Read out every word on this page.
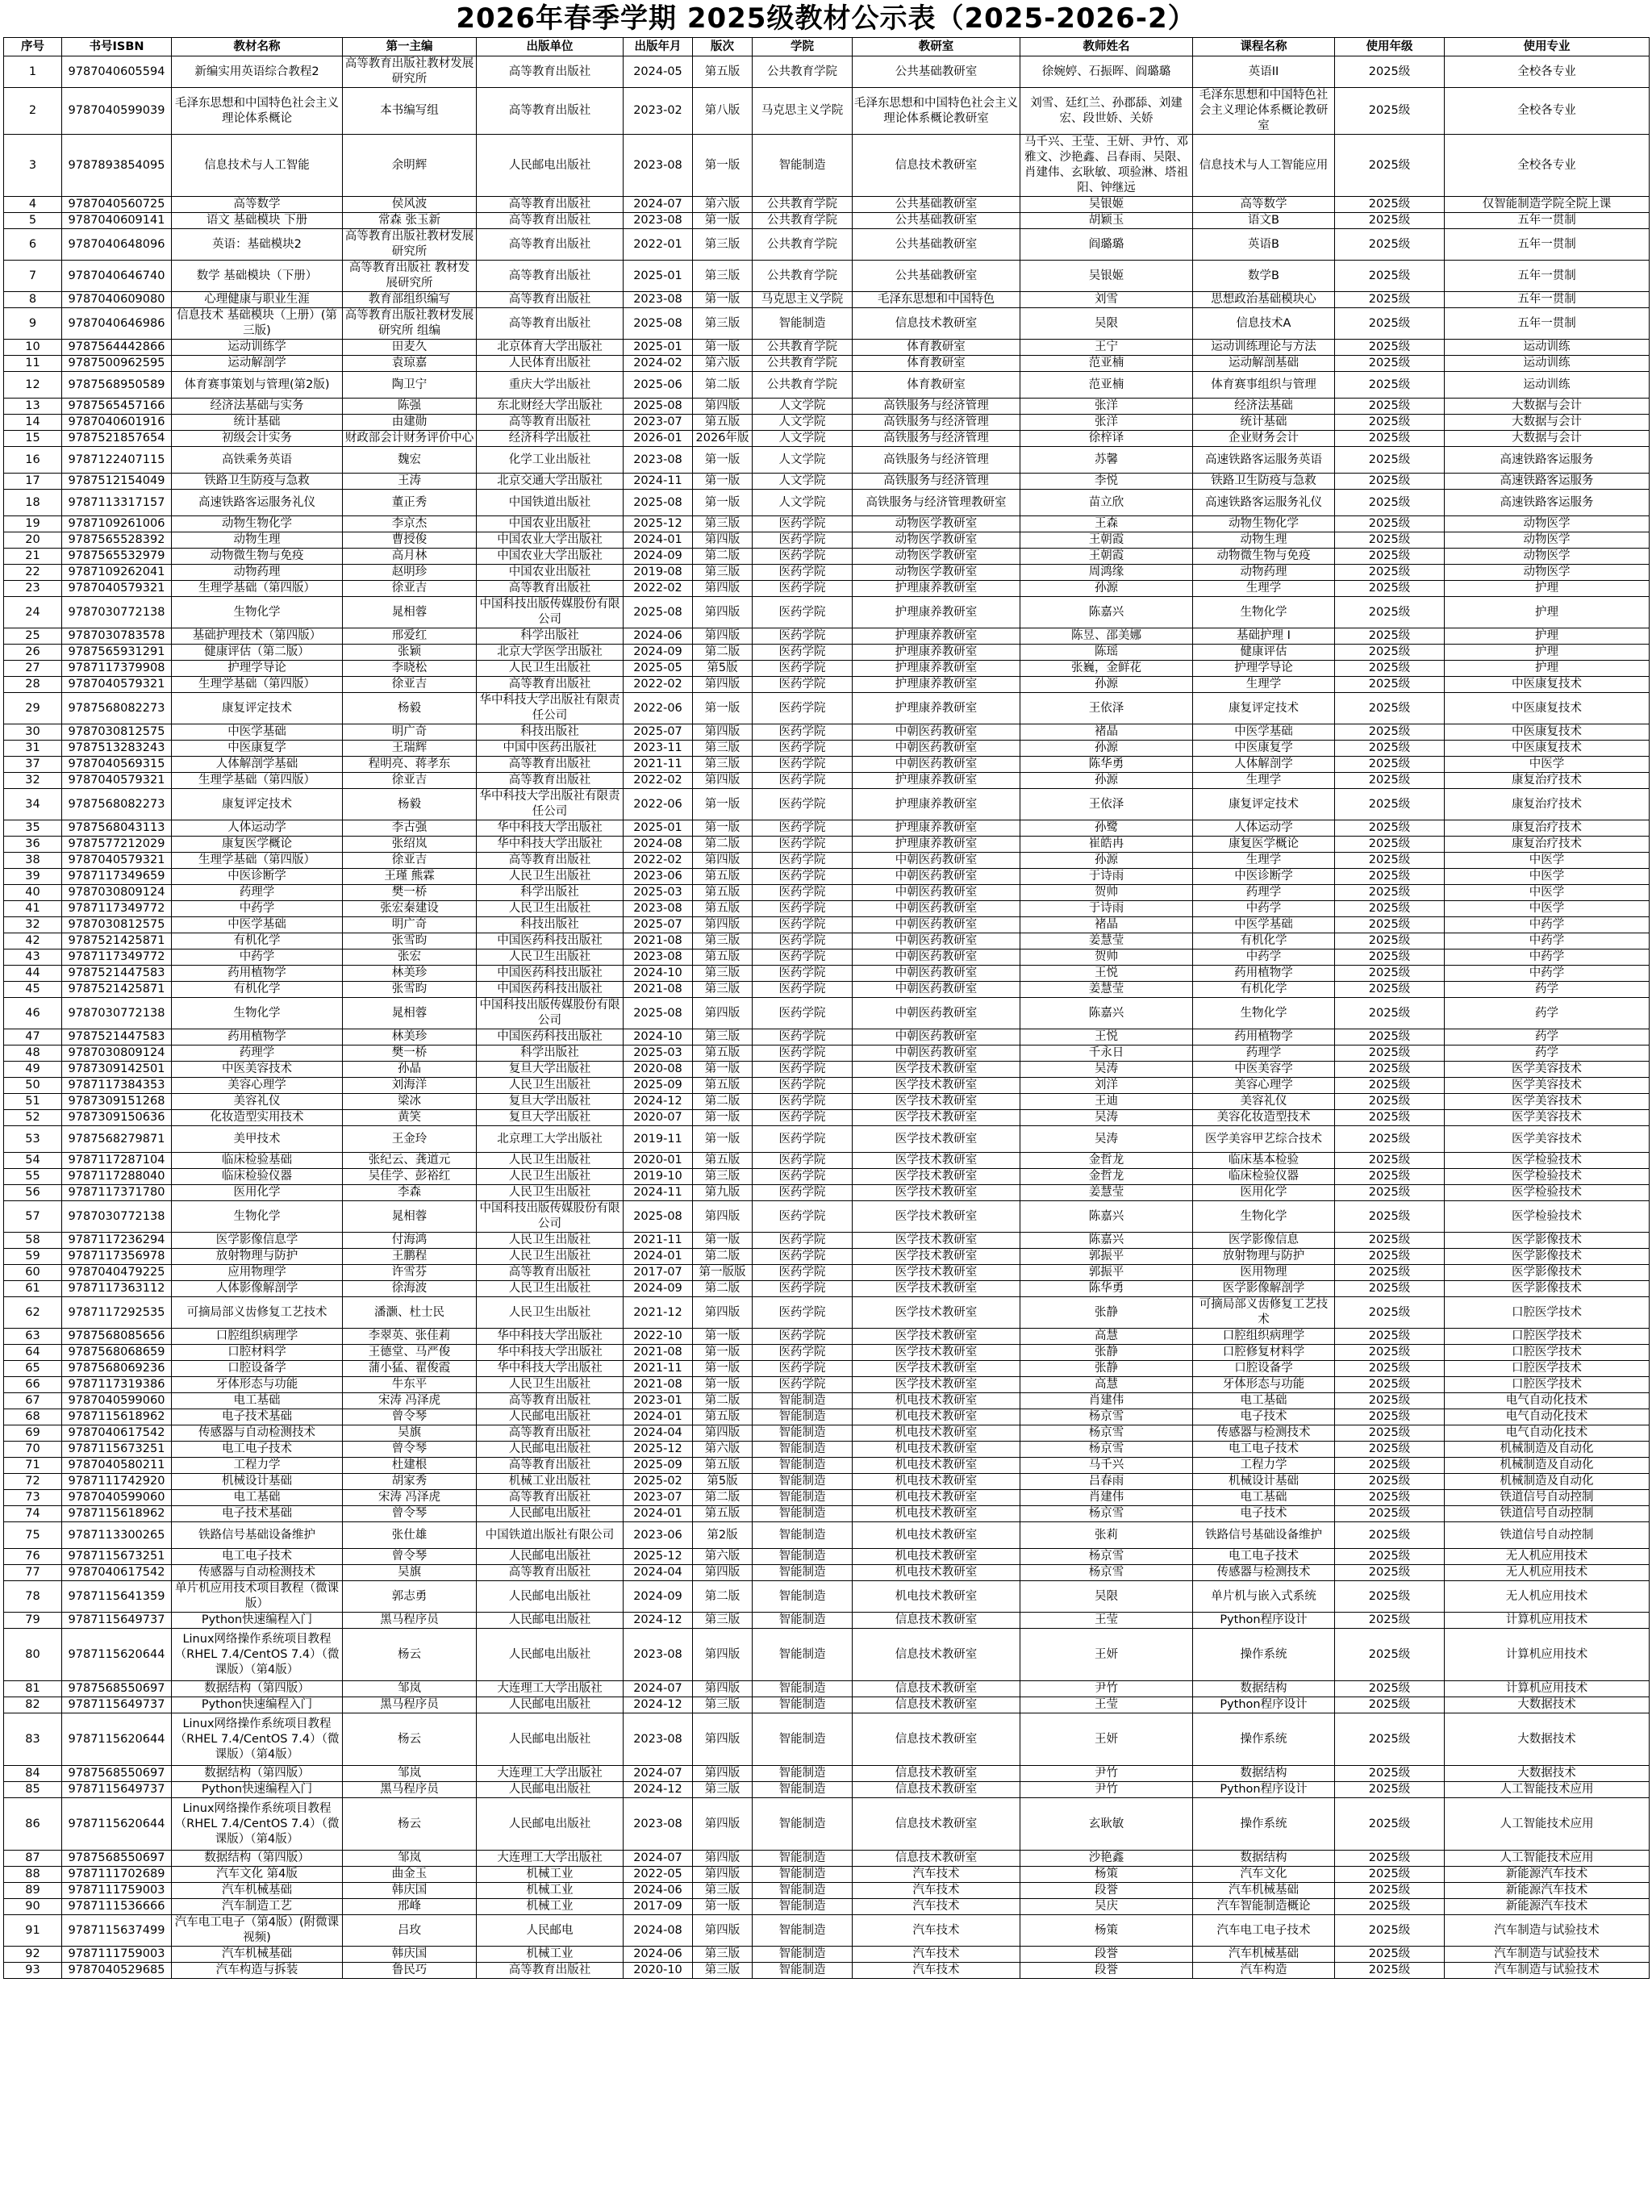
2026年春季学期 2025级教材公示表（2025-2026-2）
序号	书号ISBN	教材名称	第一主编	出版单位	出版年月	版次	学院	教研室	教师姓名	课程名称	使用年级	使用专业
1	9787040605594	新编实用英语综合教程2	高等教育出版社教材发展研究所	高等教育出版社	2024-05	第五版	公共教育学院	公共基础教研室	徐婉婷、石振晖、阎璐璐	英语II	2025级	全校各专业
2	9787040599039	毛泽东思想和中国特色社会主义理论体系概论	本书编写组	高等教育出版社	2023-02	第八版	马克思主义学院	毛泽东思想和中国特色社会主义理论体系概论教研室	刘雪、廷红兰、孙郡舔、刘建宏、段世娇、关娇	毛泽东思想和中国特色社会主义理论体系概论教研室	2025级	全校各专业
3	9787893854095	信息技术与人工智能	余明辉	人民邮电出版社	2023-08	第一版	智能制造	信息技术教研室	马千兴、王莹、王妍、尹竹、邓雅文、沙艳鑫、吕春雨、吴限、肖建伟、玄耿敏、项验淋、塔祖阳、钟继远	信息技术与人工智能应用	2025级	全校各专业
4	9787040560725	高等数学	侯风波	高等教育出版社	2024-07	第六版	公共教育学院	公共基础教研室	吴银姬	高等数学	2025级	仅智能制造学院全院上课
5	9787040609141	语文 基础模块 下册	常森 张玉新	高等教育出版社	2023-08	第一版	公共教育学院	公共基础教研室	胡颖玉	语文B	2025级	五年一贯制
6	9787040648096	英语：基础模块2	高等教育出版社教材发展研究所	高等教育出版社	2022-01	第三版	公共教育学院	公共基础教研室	阎璐璐	英语B	2025级	五年一贯制
7	9787040646740	数学 基础模块（下册）	高等教育出版社 教材发展研究所	高等教育出版社	2025-01	第三版	公共教育学院	公共基础教研室	吴银姬	数学B	2025级	五年一贯制
8	9787040609080	心理健康与职业生涯	教育部组织编写	高等教育出版社	2023-08	第一版	马克思主义学院	毛泽东思想和中国特色	刘雪	思想政治基础模块心	2025级	五年一贯制
9	9787040646986	信息技术 基础模块（上册）(第三版)	高等教育出版社教材发展研究所 组编	高等教育出版社	2025-08	第三版	智能制造	信息技术教研室	吴限	信息技术A	2025级	五年一贯制
10	9787564442866	运动训练学	田麦久	北京体育大学出版社	2025-01	第一版	公共教育学院	体育教研室	王宁	运动训练理论与方法	2025级	运动训练
11	9787500962595	运动解剖学	袁琼嘉	人民体育出版社	2024-02	第六版	公共教育学院	体育教研室	范亚楠	运动解剖基础	2025级	运动训练
12	9787568950589	体育赛事策划与管理(第2版)	陶卫宁	重庆大学出版社	2025-06	第二版	公共教育学院	体育教研室	范亚楠	体育赛事组织与管理	2025级	运动训练
13	9787565457166	经济法基础与实务	陈强	东北财经大学出版社	2025-08	第四版	人文学院	高铁服务与经济管理	张洋	经济法基础	2025级	大数据与会计
14	9787040601916	统计基础	由建勋	高等教育出版社	2023-07	第五版	人文学院	高铁服务与经济管理	张洋	统计基础	2025级	大数据与会计
15	9787521857654	初级会计实务	财政部会计财务评价中心	经济科学出版社	2026-01	2026年版	人文学院	高铁服务与经济管理	徐梓译	企业财务会计	2025级	大数据与会计
16	9787122407115	高铁乘务英语	魏宏	化学工业出版社	2023-08	第一版	人文学院	高铁服务与经济管理	苏馨	高速铁路客运服务英语	2025级	高速铁路客运服务
17	9787512154049	铁路卫生防疫与急救	王涛	北京交通大学出版社	2024-11	第一版	人文学院	高铁服务与经济管理	李悦	铁路卫生防疫与急救	2025级	高速铁路客运服务
18	9787113317157	高速铁路客运服务礼仪	董正秀	中国铁道出版社	2025-08	第一版	人文学院	高铁服务与经济管理教研室	苗立欣	高速铁路客运服务礼仪	2025级	高速铁路客运服务
19	9787109261006	动物生物化学	李京杰	中国农业出版社	2025-12	第三版	医药学院	动物医学教研室	王森	动物生物化学	2025级	动物医学
20	9787565528392	动物生理	曹授俊	中国农业大学出版社	2024-01	第四版	医药学院	动物医学教研室	王朝霞	动物生理	2025级	动物医学
21	9787565532979	动物微生物与免疫	高月林	中国农业大学出版社	2024-09	第二版	医药学院	动物医学教研室	王朝霞	动物微生物与免疫	2025级	动物医学
22	9787109262041	动物药理	赵明珍	中国农业出版社	2019-08	第三版	医药学院	动物医学教研室	周鸿缘	动物药理	2025级	动物医学
23	9787040579321	生理学基础（第四版）	徐亚吉	高等教育出版社	2022-02	第四版	医药学院	护理康养教研室	孙源	生理学	2025级	护理
24	9787030772138	生物化学	晁相蓉	中国科技出版传媒股份有限公司	2025-08	第四版	医药学院	护理康养教研室	陈嘉兴	生物化学	2025级	护理
25	9787030783578	基础护理技术（第四版）	邢爱红	科学出版社	2024-06	第四版	医药学院	护理康养教研室	陈昱、邵美娜	基础护理 I	2025级	护理
26	9787565931291	健康评估（第二版）	张颖	北京大学医学出版社	2024-09	第二版	医药学院	护理康养教研室	陈瑶	健康评估	2025级	护理
27	9787117379908	护理学导论	李晓松	人民卫生出版社	2025-05	第5版	医药学院	护理康养教研室	张巍，金鲜花	护理学导论	2025级	护理
28	9787040579321	生理学基础（第四版）	徐亚吉	高等教育出版社	2022-02	第四版	医药学院	护理康养教研室	孙源	生理学	2025级	中医康复技术
29	9787568082273	康复评定技术	杨毅	华中科技大学出版社有限责任公司	2022-06	第一版	医药学院	护理康养教研室	王依泽	康复评定技术	2025级	中医康复技术
30	9787030812575	中医学基础	明广奇	科技出版社	2025-07	第四版	医药学院	中朝医药教研室	褚晶	中医学基础	2025级	中医康复技术
31	9787513283243	中医康复学	王瑞辉	中国中医药出版社	2023-11	第三版	医药学院	中朝医药教研室	孙源	中医康复学	2025级	中医康复技术
37	9787040569315	人体解剖学基础	程明亮、蒋孝东	高等教育出版社	2021-11	第三版	医药学院	中朝医药教研室	陈华勇	人体解剖学	2025级	中医学
32	9787040579321	生理学基础（第四版）	徐亚吉	高等教育出版社	2022-02	第四版	医药学院	护理康养教研室	孙源	生理学	2025级	康复治疗技术
34	9787568082273	康复评定技术	杨毅	华中科技大学出版社有限责任公司	2022-06	第一版	医药学院	护理康养教研室	王依泽	康复评定技术	2025级	康复治疗技术
35	9787568043113	人体运动学	李古强	华中科技大学出版社	2025-01	第一版	医药学院	护理康养教研室	孙鹭	人体运动学	2025级	康复治疗技术
36	9787577212029	康复医学概论	张绍岚	华中科技大学出版社	2024-08	第二版	医药学院	护理康养教研室	崔皓冉	康复医学概论	2025级	康复治疗技术
38	9787040579321	生理学基础（第四版）	徐亚吉	高等教育出版社	2022-02	第四版	医药学院	中朝医药教研室	孙源	生理学	2025级	中医学
39	9787117349659	中医诊断学	王瑾 熊霖	人民卫生出版社	2023-06	第五版	医药学院	中朝医药教研室	于诗雨	中医诊断学	2025级	中医学
40	9787030809124	药理学	樊一桥	科学出版社	2025-03	第五版	医药学院	中朝医药教研室	贺帅	药理学	2025级	中医学
41	9787117349772	中药学	张宏秦建设	人民卫生出版社	2023-08	第五版	医药学院	中朝医药教研室	于诗雨	中药学	2025级	中医学
32	9787030812575	中医学基础	明广奇	科技出版社	2025-07	第四版	医药学院	中朝医药教研室	褚晶	中医学基础	2025级	中药学
42	9787521425871	有机化学	张雪昀	中国医药科技出版社	2021-08	第三版	医药学院	中朝医药教研室	姜慧莹	有机化学	2025级	中药学
43	9787117349772	中药学	张宏	人民卫生出版社	2023-08	第五版	医药学院	中朝医药教研室	贺帅	中药学	2025级	中药学
44	9787521447583	药用植物学	林美珍	中国医药科技出版社	2024-10	第三版	医药学院	中朝医药教研室	王悦	药用植物学	2025级	中药学
45	9787521425871	有机化学	张雪昀	中国医药科技出版社	2021-08	第三版	医药学院	中朝医药教研室	姜慧莹	有机化学	2025级	药学
46	9787030772138	生物化学	晁相蓉	中国科技出版传媒股份有限公司	2025-08	第四版	医药学院	中朝医药教研室	陈嘉兴	生物化学	2025级	药学
47	9787521447583	药用植物学	林美珍	中国医药科技出版社	2024-10	第三版	医药学院	中朝医药教研室	王悦	药用植物学	2025级	药学
48	9787030809124	药理学	樊一桥	科学出版社	2025-03	第五版	医药学院	中朝医药教研室	千永日	药理学	2025级	药学
49	9787309142501	中医美容技术	孙晶	复旦大学出版社	2020-08	第一版	医药学院	医学技术教研室	吴涛	中医美容学	2025级	医学美容技术
50	9787117384353	美容心理学	刘海洋	人民卫生出版社	2025-09	第五版	医药学院	医学技术教研室	刘洋	美容心理学	2025级	医学美容技术
51	9787309151268	美容礼仪	梁冰	复旦大学出版社	2024-12	第二版	医药学院	医学技术教研室	王迪	美容礼仪	2025级	医学美容技术
52	9787309150636	化妆造型实用技术	黄笑	复旦大学出版社	2020-07	第一版	医药学院	医学技术教研室	吴涛	美容化妆造型技术	2025级	医学美容技术
53	9787568279871	美甲技术	王金玲	北京理工大学出版社	2019-11	第一版	医药学院	医学技术教研室	吴涛	医学美容甲艺综合技术	2025级	医学美容技术
54	9787117287104	临床检验基础	张纪云、龚道元	人民卫生出版社	2020-01	第五版	医药学院	医学技术教研室	金哲龙	临床基本检验	2025级	医学检验技术
55	9787117288040	临床检验仪器	吴佳学、彭裕红	人民卫生出版社	2019-10	第三版	医药学院	医学技术教研室	金哲龙	临床检验仪器	2025级	医学检验技术
56	9787117371780	医用化学	李森	人民卫生出版社	2024-11	第九版	医药学院	医学技术教研室	姜慧莹	医用化学	2025级	医学检验技术
57	9787030772138	生物化学	晁相蓉	中国科技出版传媒股份有限公司	2025-08	第四版	医药学院	医学技术教研室	陈嘉兴	生物化学	2025级	医学检验技术
58	9787117236294	医学影像信息学	付海鸿	人民卫生出版社	2021-11	第一版	医药学院	医学技术教研室	陈嘉兴	医学影像信息	2025级	医学影像技术
59	9787117356978	放射物理与防护	王鹏程	人民卫生出版社	2024-01	第二版	医药学院	医学技术教研室	郭振平	放射物理与防护	2025级	医学影像技术
60	9787040479225	应用物理学	许雪芬	高等教育出版社	2017-07	第一版版	医药学院	医学技术教研室	郭振平	医用物理	2025级	医学影像技术
61	9787117363112	人体影像解剖学	徐海波	人民卫生出版社	2024-09	第二版	医药学院	医学技术教研室	陈华勇	医学影像解剖学	2025级	医学影像技术
62	9787117292535	可摘局部义齿修复工艺技术	潘灏、杜士民	人民卫生出版社	2021-12	第四版	医药学院	医学技术教研室	张静	可摘局部义齿修复工艺技术	2025级	口腔医学技术
63	9787568085656	口腔组织病理学	李翠英、张佳莉	华中科技大学出版社	2022-10	第一版	医药学院	医学技术教研室	高慧	口腔组织病理学	2025级	口腔医学技术
64	9787568068659	口腔材料学	王德堂、马严俊	华中科技大学出版社	2021-08	第一版	医药学院	医学技术教研室	张静	口腔修复材料学	2025级	口腔医学技术
65	9787568069236	口腔设备学	蒲小猛、翟俊霞	华中科技大学出版社	2021-11	第一版	医药学院	医学技术教研室	张静	口腔设备学	2025级	口腔医学技术
66	9787117319386	牙体形态与功能	牛东平	人民卫生出版社	2021-08	第一版	医药学院	医学技术教研室	高慧	牙体形态与功能	2025级	口腔医学技术
67	9787040599060	电工基础	宋涛 冯泽虎	高等教育出版社	2023-01	第二版	智能制造	机电技术教研室	肖建伟	电工基础	2025级	电气自动化技术
68	9787115618962	电子技术基础	曾令琴	人民邮电出版社	2024-01	第五版	智能制造	机电技术教研室	杨京雪	电子技术	2025级	电气自动化技术
69	9787040617542	传感器与自动检测技术	吴旗	高等教育出版社	2024-04	第四版	智能制造	机电技术教研室	杨京雪	传感器与检测技术	2025级	电气自动化技术
70	9787115673251	电工电子技术	曾令琴	人民邮电出版社	2025-12	第六版	智能制造	机电技术教研室	杨京雪	电工电子技术	2025级	机械制造及自动化
71	9787040580211	工程力学	杜建根	高等教育出版社	2025-09	第五版	智能制造	机电技术教研室	马千兴	工程力学	2025级	机械制造及自动化
72	9787111742920	机械设计基础	胡家秀	机械工业出版社	2025-02	第5版	智能制造	机电技术教研室	吕春雨	机械设计基础	2025级	机械制造及自动化
73	9787040599060	电工基础	宋涛 冯泽虎	高等教育出版社	2023-07	第二版	智能制造	机电技术教研室	肖建伟	电工基础	2025级	铁道信号自动控制
74	9787115618962	电子技术基础	曾令琴	人民邮电出版社	2024-01	第五版	智能制造	机电技术教研室	杨京雪	电子技术	2025级	铁道信号自动控制
75	9787113300265	铁路信号基础设备维护	张仕雄	中国铁道出版社有限公司	2023-06	第2版	智能制造	机电技术教研室	张莉	铁路信号基础设备维护	2025级	铁道信号自动控制
76	9787115673251	电工电子技术	曾令琴	人民邮电出版社	2025-12	第六版	智能制造	机电技术教研室	杨京雪	电工电子技术	2025级	无人机应用技术
77	9787040617542	传感器与自动检测技术	吴旗	高等教育出版社	2024-04	第四版	智能制造	机电技术教研室	杨京雪	传感器与检测技术	2025级	无人机应用技术
78	9787115641359	单片机应用技术项目教程（微课版）	郭志勇	人民邮电出版社	2024-09	第二版	智能制造	机电技术教研室	吴限	单片机与嵌入式系统	2025级	无人机应用技术
79	9787115649737	Python快速编程入门	黑马程序员	人民邮电出版社	2024-12	第三版	智能制造	信息技术教研室	王莹	Python程序设计	2025级	计算机应用技术
80	9787115620644	Linux网络操作系统项目教程（RHEL 7.4/CentOS 7.4）（微课版）（第4版）	杨云	人民邮电出版社	2023-08	第四版	智能制造	信息技术教研室	王妍	操作系统	2025级	计算机应用技术
81	9787568550697	数据结构（第四版）	邹岚	大连理工大学出版社	2024-07	第四版	智能制造	信息技术教研室	尹竹	数据结构	2025级	计算机应用技术
82	9787115649737	Python快速编程入门	黑马程序员	人民邮电出版社	2024-12	第三版	智能制造	信息技术教研室	王莹	Python程序设计	2025级	大数据技术
83	9787115620644	Linux网络操作系统项目教程（RHEL 7.4/CentOS 7.4）（微课版）（第4版）	杨云	人民邮电出版社	2023-08	第四版	智能制造	信息技术教研室	王妍	操作系统	2025级	大数据技术
84	9787568550697	数据结构（第四版）	邹岚	大连理工大学出版社	2024-07	第四版	智能制造	信息技术教研室	尹竹	数据结构	2025级	大数据技术
85	9787115649737	Python快速编程入门	黑马程序员	人民邮电出版社	2024-12	第三版	智能制造	信息技术教研室	尹竹	Python程序设计	2025级	人工智能技术应用
86	9787115620644	Linux网络操作系统项目教程（RHEL 7.4/CentOS 7.4）（微课版）（第4版）	杨云	人民邮电出版社	2023-08	第四版	智能制造	信息技术教研室	玄耿敏	操作系统	2025级	人工智能技术应用
87	9787568550697	数据结构（第四版）	邹岚	大连理工大学出版社	2024-07	第四版	智能制造	信息技术教研室	沙艳鑫	数据结构	2025级	人工智能技术应用
88	9787111702689	汽车文化 第4版	曲金玉	机械工业	2022-05	第四版	智能制造	汽车技术	杨策	汽车文化	2025级	新能源汽车技术
89	9787111759003	汽车机械基础	韩庆国	机械工业	2024-06	第三版	智能制造	汽车技术	段誉	汽车机械基础	2025级	新能源汽车技术
90	9787111536666	汽车制造工艺	邢峰	机械工业	2017-09	第一版	智能制造	汽车技术	吴庆	汽车智能制造概论	2025级	新能源汽车技术
91	9787115637499	汽车电工电子（第4版）(附微课视频)	吕玫	人民邮电	2024-08	第四版	智能制造	汽车技术	杨策	汽车电工电子技术	2025级	汽车制造与试验技术
92	9787111759003	汽车机械基础	韩庆国	机械工业	2024-06	第三版	智能制造	汽车技术	段誉	汽车机械基础	2025级	汽车制造与试验技术
93	9787040529685	汽车构造与拆装	鲁民巧	高等教育出版社	2020-10	第三版	智能制造	汽车技术	段誉	汽车构造	2025级	汽车制造与试验技术
